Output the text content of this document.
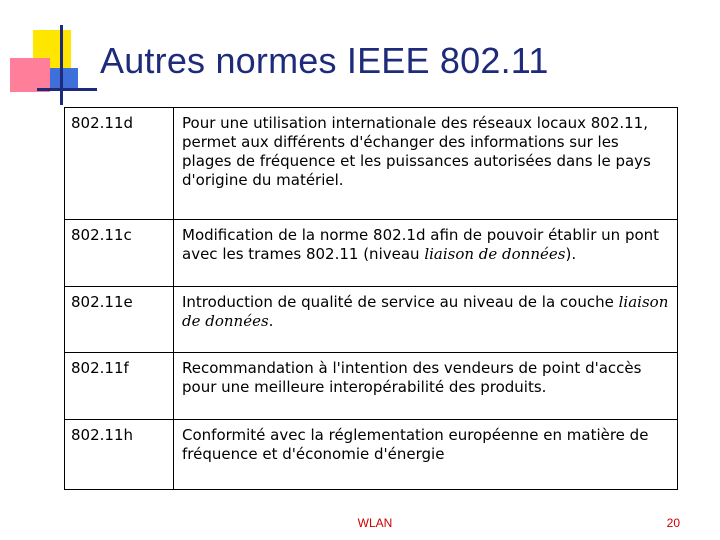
Autres normes IEEE 802.11
802.11d	Pour une utilisation internationale des réseaux locaux 802.11, permet aux différents d'échanger des informations sur les plages de fréquence et les puissances autorisées dans le pays d'origine du matériel.
802.11c	Modification de la norme 802.1d afin de pouvoir établir un pont avec les trames 802.11 (niveau liaison de données).
802.11e	Introduction de qualité de service au niveau de la couche liaison de données.
802.11f	Recommandation à l'intention des vendeurs de point d'accès pour une meilleure interopérabilité des produits.
802.11h	Conformité avec la réglementation européenne en matière de fréquence et d'économie d'énergie
WLAN	20
